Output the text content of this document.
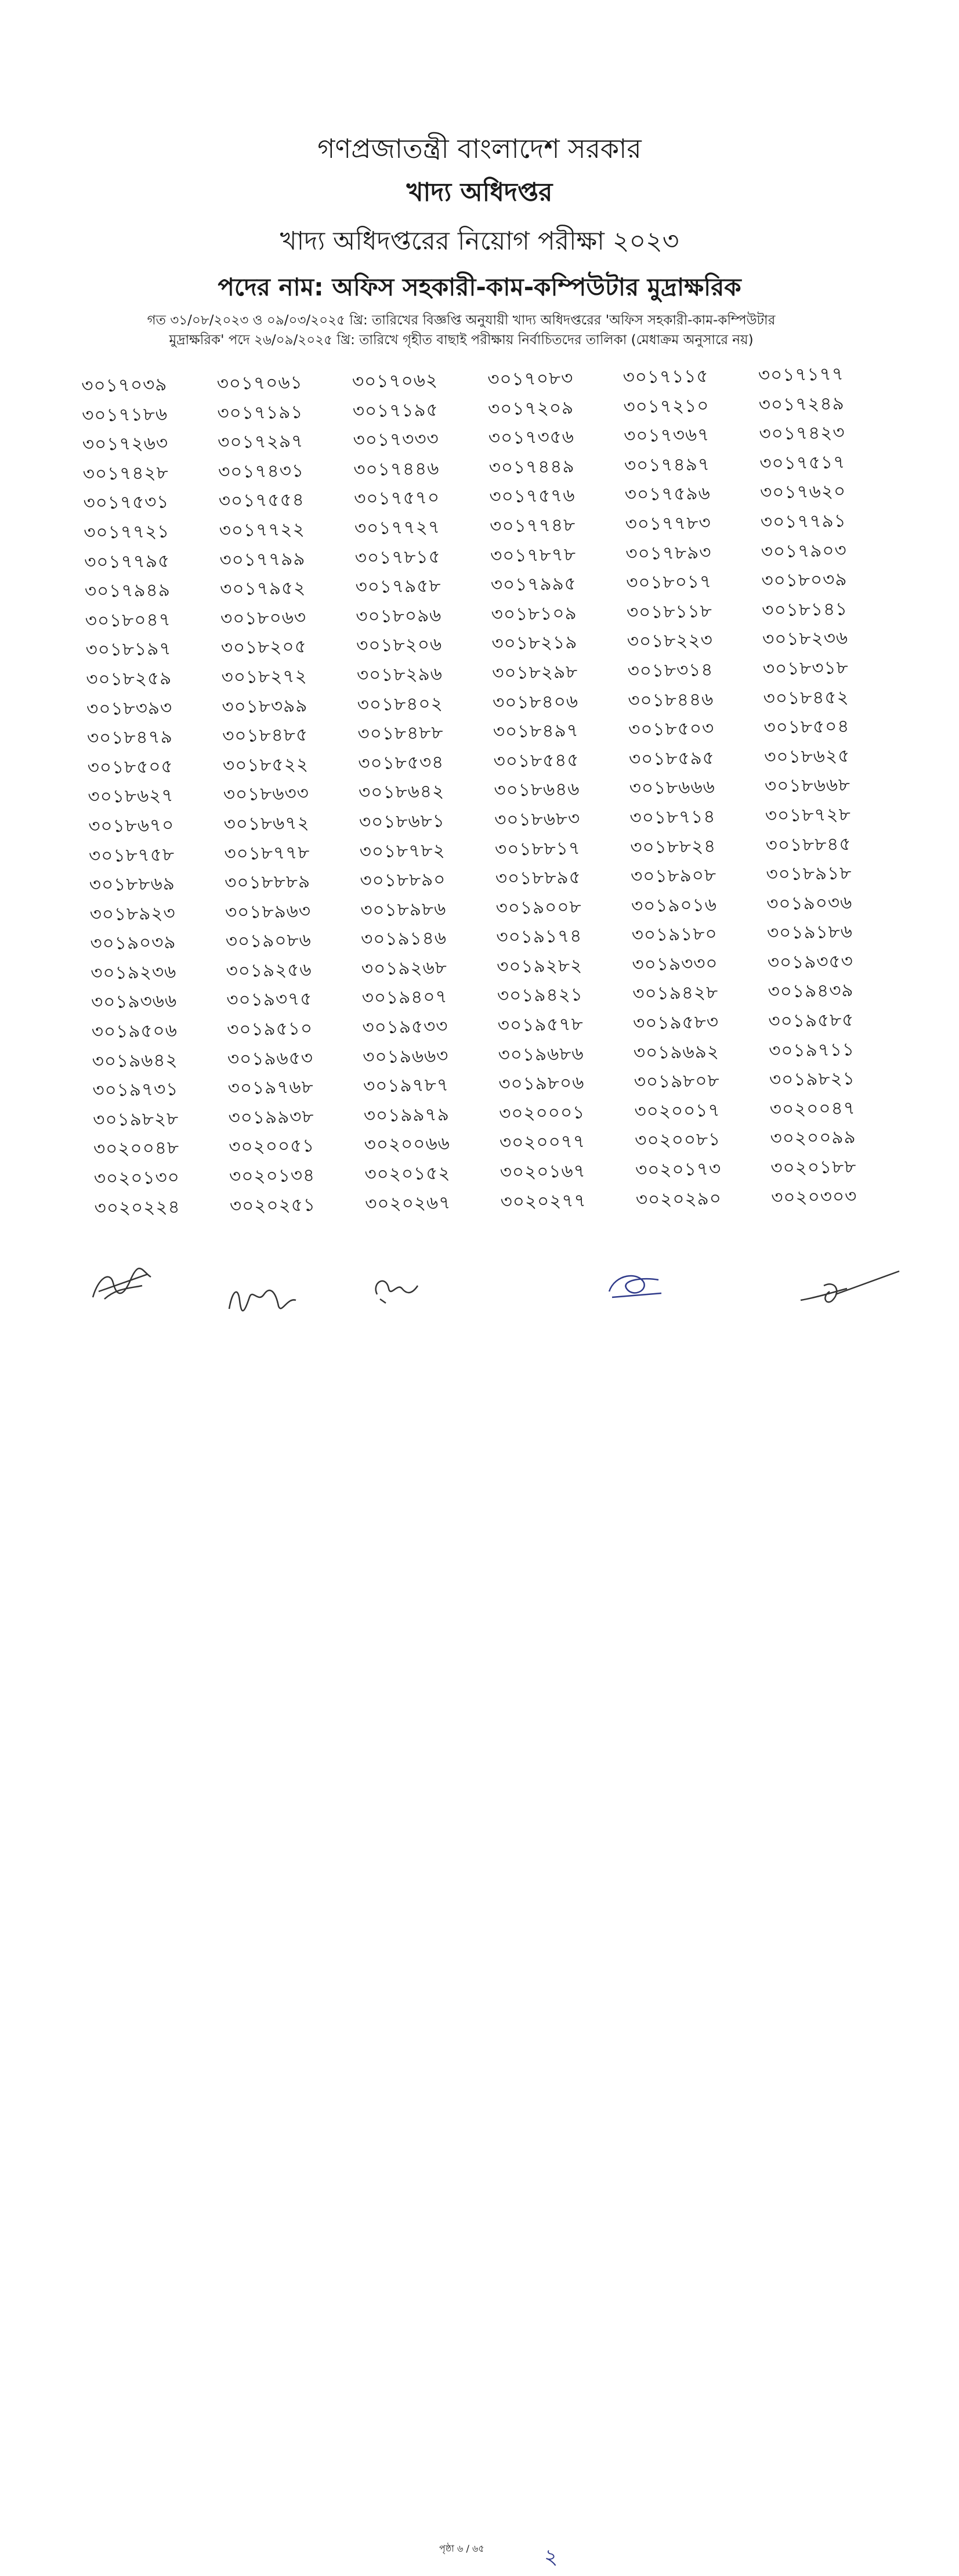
গণপ্রজাতন্ত্রী বাংলাদেশ সরকার
খাদ্য অধিদপ্তর
খাদ্য অধিদপ্তরের নিয়োগ পরীক্ষা ২০২৩
পদের নাম: অফিস সহকারী-কাম-কম্পিউটার মুদ্রাক্ষরিক
গত ৩১/০৮/২০২৩ ও ০৯/০৩/২০২৫ খ্রি: তারিখের বিজ্ঞপ্তি অনুযায়ী খাদ্য অধিদপ্তরের 'অফিস সহকারী-কাম-কম্পিউটার
মুদ্রাক্ষরিক' পদে ২৬/০৯/২০২৫ খ্রি: তারিখে গৃহীত বাছাই পরীক্ষায় নির্বাচিতদের তালিকা (মেধাক্রম অনুসারে নয়)
৩০১৭০৩৯	৩০১৭০৬১	৩০১৭০৬২	৩০১৭০৮৩	৩০১৭১১৫	৩০১৭১৭৭
৩০১৭১৮৬	৩০১৭১৯১	৩০১৭১৯৫	৩০১৭২০৯	৩০১৭২১০	৩০১৭২৪৯
৩০১৭২৬৩	৩০১৭২৯৭	৩০১৭৩৩৩	৩০১৭৩৫৬	৩০১৭৩৬৭	৩০১৭৪২৩
৩০১৭৪২৮	৩০১৭৪৩১	৩০১৭৪৪৬	৩০১৭৪৪৯	৩০১৭৪৯৭	৩০১৭৫১৭
৩০১৭৫৩১	৩০১৭৫৫৪	৩০১৭৫৭০	৩০১৭৫৭৬	৩০১৭৫৯৬	৩০১৭৬২০
৩০১৭৭২১	৩০১৭৭২২	৩০১৭৭২৭	৩০১৭৭৪৮	৩০১৭৭৮৩	৩০১৭৭৯১
৩০১৭৭৯৫	৩০১৭৭৯৯	৩০১৭৮১৫	৩০১৭৮৭৮	৩০১৭৮৯৩	৩০১৭৯০৩
৩০১৭৯৪৯	৩০১৭৯৫২	৩০১৭৯৫৮	৩০১৭৯৯৫	৩০১৮০১৭	৩০১৮০৩৯
৩০১৮০৪৭	৩০১৮০৬৩	৩০১৮০৯৬	৩০১৮১০৯	৩০১৮১১৮	৩০১৮১৪১
৩০১৮১৯৭	৩০১৮২০৫	৩০১৮২০৬	৩০১৮২১৯	৩০১৮২২৩	৩০১৮২৩৬
৩০১৮২৫৯	৩০১৮২৭২	৩০১৮২৯৬	৩০১৮২৯৮	৩০১৮৩১৪	৩০১৮৩১৮
৩০১৮৩৯৩	৩০১৮৩৯৯	৩০১৮৪০২	৩০১৮৪০৬	৩০১৮৪৪৬	৩০১৮৪৫২
৩০১৮৪৭৯	৩০১৮৪৮৫	৩০১৮৪৮৮	৩০১৮৪৯৭	৩০১৮৫০৩	৩০১৮৫০৪
৩০১৮৫০৫	৩০১৮৫২২	৩০১৮৫৩৪	৩০১৮৫৪৫	৩০১৮৫৯৫	৩০১৮৬২৫
৩০১৮৬২৭	৩০১৮৬৩৩	৩০১৮৬৪২	৩০১৮৬৪৬	৩০১৮৬৬৬	৩০১৮৬৬৮
৩০১৮৬৭০	৩০১৮৬৭২	৩০১৮৬৮১	৩০১৮৬৮৩	৩০১৮৭১৪	৩০১৮৭২৮
৩০১৮৭৫৮	৩০১৮৭৭৮	৩০১৮৭৮২	৩০১৮৮১৭	৩০১৮৮২৪	৩০১৮৮৪৫
৩০১৮৮৬৯	৩০১৮৮৮৯	৩০১৮৮৯০	৩০১৮৮৯৫	৩০১৮৯০৮	৩০১৮৯১৮
৩০১৮৯২৩	৩০১৮৯৬৩	৩০১৮৯৮৬	৩০১৯০০৮	৩০১৯০১৬	৩০১৯০৩৬
৩০১৯০৩৯	৩০১৯০৮৬	৩০১৯১৪৬	৩০১৯১৭৪	৩০১৯১৮০	৩০১৯১৮৬
৩০১৯২৩৬	৩০১৯২৫৬	৩০১৯২৬৮	৩০১৯২৮২	৩০১৯৩৩০	৩০১৯৩৫৩
৩০১৯৩৬৬	৩০১৯৩৭৫	৩০১৯৪০৭	৩০১৯৪২১	৩০১৯৪২৮	৩০১৯৪৩৯
৩০১৯৫০৬	৩০১৯৫১০	৩০১৯৫৩৩	৩০১৯৫৭৮	৩০১৯৫৮৩	৩০১৯৫৮৫
৩০১৯৬৪২	৩০১৯৬৫৩	৩০১৯৬৬৩	৩০১৯৬৮৬	৩০১৯৬৯২	৩০১৯৭১১
৩০১৯৭৩১	৩০১৯৭৬৮	৩০১৯৭৮৭	৩০১৯৮০৬	৩০১৯৮০৮	৩০১৯৮২১
৩০১৯৮২৮	৩০১৯৯৩৮	৩০১৯৯৭৯	৩০২০০০১	৩০২০০১৭	৩০২০০৪৭
৩০২০০৪৮	৩০২০০৫১	৩০২০০৬৬	৩০২০০৭৭	৩০২০০৮১	৩০২০০৯৯
৩০২০১৩০	৩০২০১৩৪	৩০২০১৫২	৩০২০১৬৭	৩০২০১৭৩	৩০২০১৮৮
৩০২০২২৪	৩০২০২৫১	৩০২০২৬৭	৩০২০২৭৭	৩০২০২৯০	৩০২০৩০৩
পৃষ্ঠা ৬ / ৬৫	২
